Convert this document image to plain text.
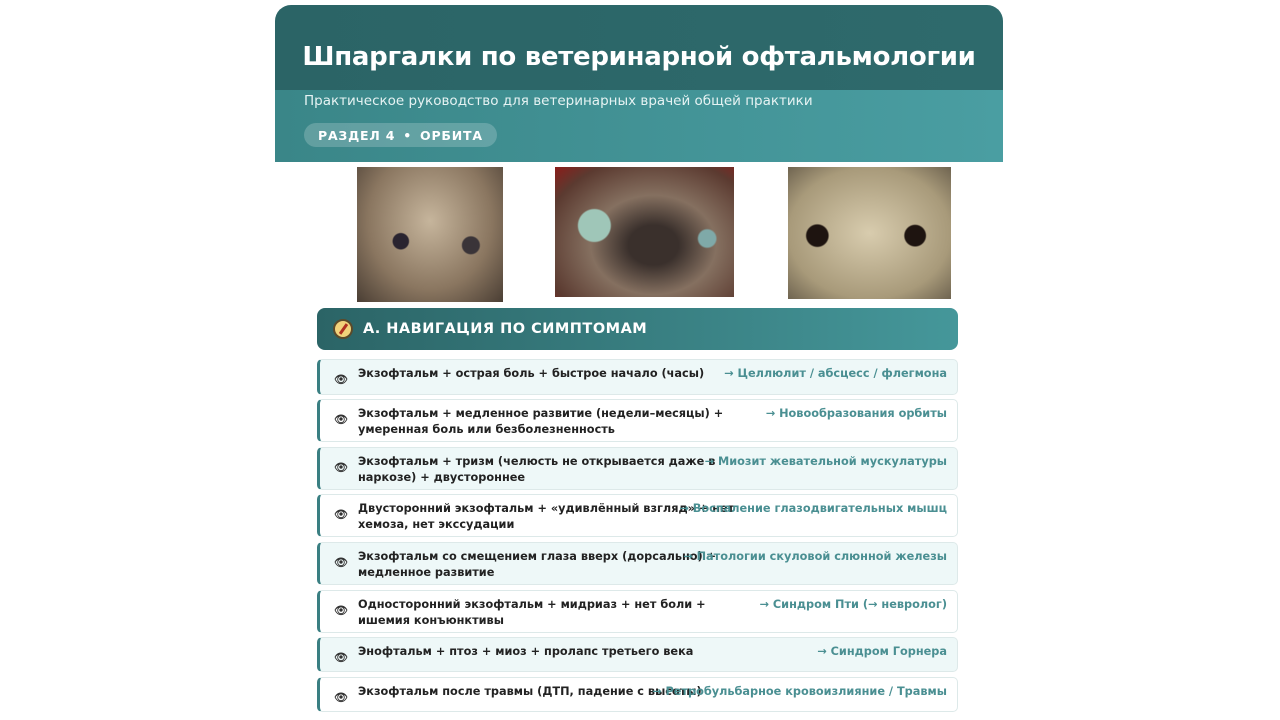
Шпаргалки по ветеринарной офтальмологии
Практическое руководство для ветеринарных врачей общей практики
РАЗДЕЛ 4 • ОРБИТА
А. НАВИГАЦИЯ ПО СИМПТОМАМ
👁 Экзофтальм + острая боль + быстрое начало (часы)	→ Целлюлит / абсцесс / флегмона
👁 Экзофтальм + медленное развитие (недели–месяцы) + умеренная боль или безболезненность
→ Новообразования орбиты
👁 Экзофтальм + тризм (челюсть не открывается даже в наркозе) + двустороннее
→ Миозит жевательной мускулатуры
👁 Двусторонний экзофтальм + «удивлённый взгляд» + нет хемоза, нет экссудации
→ Воспаление глазодвигательных мышц
👁 Экзофтальм со смещением глаза вверх (дорсально) + медленное развитие
→ Патологии скуловой слюнной железы
👁 Односторонний экзофтальм + мидриаз + нет боли + ишемия конъюнктивы
→ Синдром Пти (→ невролог)
👁 Энофтальм + птоз + миоз + пролапс третьего века	→ Синдром Горнера
👁 Экзофтальм после травмы (ДТП, падение с высоты)
→ Ретробульбарное кровоизлияние / Травмы
